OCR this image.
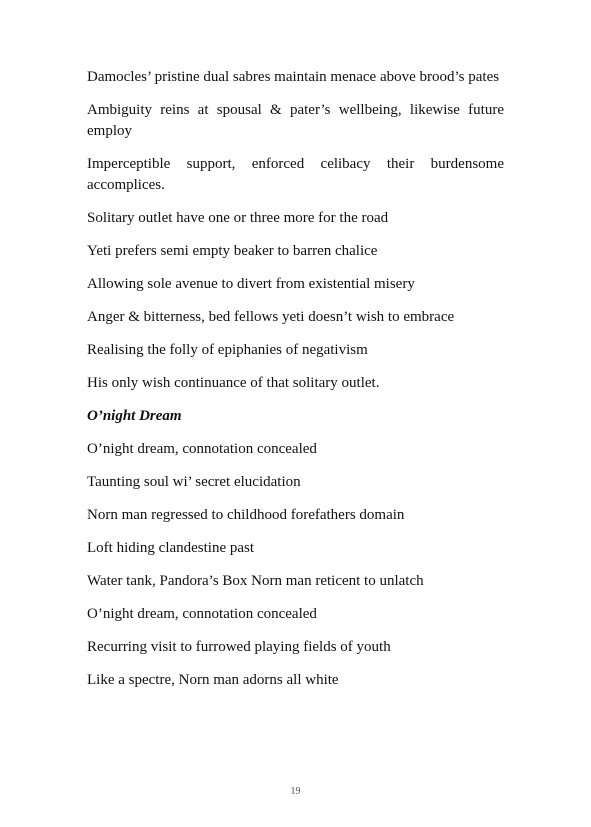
Damocles’ pristine dual sabres maintain menace above brood’s pates

Ambiguity reins at spousal & pater’s wellbeing, likewise future employ

Imperceptible support, enforced celibacy their burdensome accomplices.

Solitary outlet have one or three more for the road

Yeti prefers semi empty beaker to barren chalice

Allowing sole avenue to divert from existential misery

Anger & bitterness, bed fellows yeti doesn’t wish to embrace

Realising the folly of epiphanies of negativism

His only wish continuance of that solitary outlet.

O’night Dream

O’night dream, connotation concealed

Taunting soul wi’ secret elucidation

Norn man regressed to childhood forefathers domain

Loft hiding clandestine past

Water tank, Pandora’s Box Norn man reticent to unlatch

O’night dream, connotation concealed

Recurring visit to furrowed playing fields of youth

Like a spectre, Norn man adorns all white

19
